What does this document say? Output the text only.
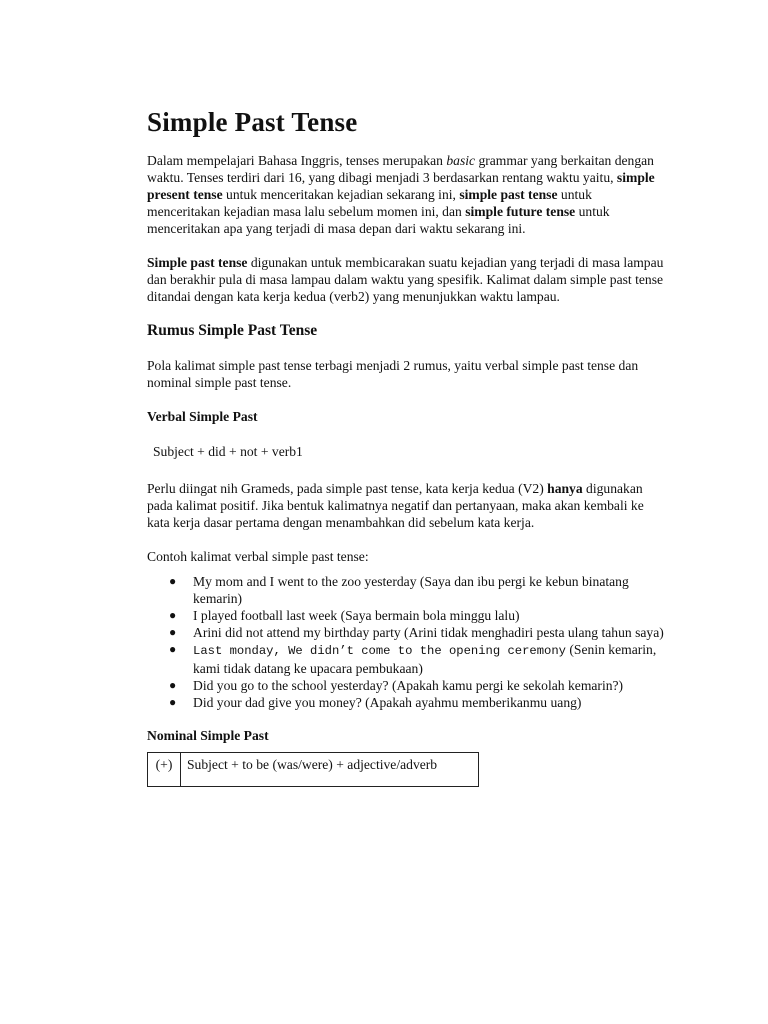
Simple Past Tense

Dalam mempelajari Bahasa Inggris, tenses merupakan basic grammar yang berkaitan dengan waktu. Tenses terdiri dari 16, yang dibagi menjadi 3 berdasarkan rentang waktu yaitu, simple present tense untuk menceritakan kejadian sekarang ini, simple past tense untuk menceritakan kejadian masa lalu sebelum momen ini, dan simple future tense untuk menceritakan apa yang terjadi di masa depan dari waktu sekarang ini.

Simple past tense digunakan untuk membicarakan suatu kejadian yang terjadi di masa lampau dan berakhir pula di masa lampau dalam waktu yang spesifik. Kalimat dalam simple past tense ditandai dengan kata kerja kedua (verb2) yang menunjukkan waktu lampau.

Rumus Simple Past Tense

Pola kalimat simple past tense terbagi menjadi 2 rumus, yaitu verbal simple past tense dan nominal simple past tense.

Verbal Simple Past
Subject + did + not + verb1

Perlu diingat nih Grameds, pada simple past tense, kata kerja kedua (V2) hanya digunakan pada kalimat positif. Jika bentuk kalimatnya negatif dan pertanyaan, maka akan kembali ke kata kerja dasar pertama dengan menambahkan did sebelum kata kerja.

Contoh kalimat verbal simple past tense:

● My mom and I went to the zoo yesterday (Saya dan ibu pergi ke kebun binatang kemarin)
● I played football last week (Saya bermain bola minggu lalu)
● Arini did not attend my birthday party (Arini tidak menghadiri pesta ulang tahun saya)
● Last monday, We didn’t come to the opening ceremony (Senin kemarin, kami tidak datang ke upacara pembukaan)
● Did you go to the school yesterday? (Apakah kamu pergi ke sekolah kemarin?)
● Did your dad give you money? (Apakah ayahmu memberikanmu uang)
Nominal Simple Past
(+)	Subject + to be (was/were) + adjective/adverb
